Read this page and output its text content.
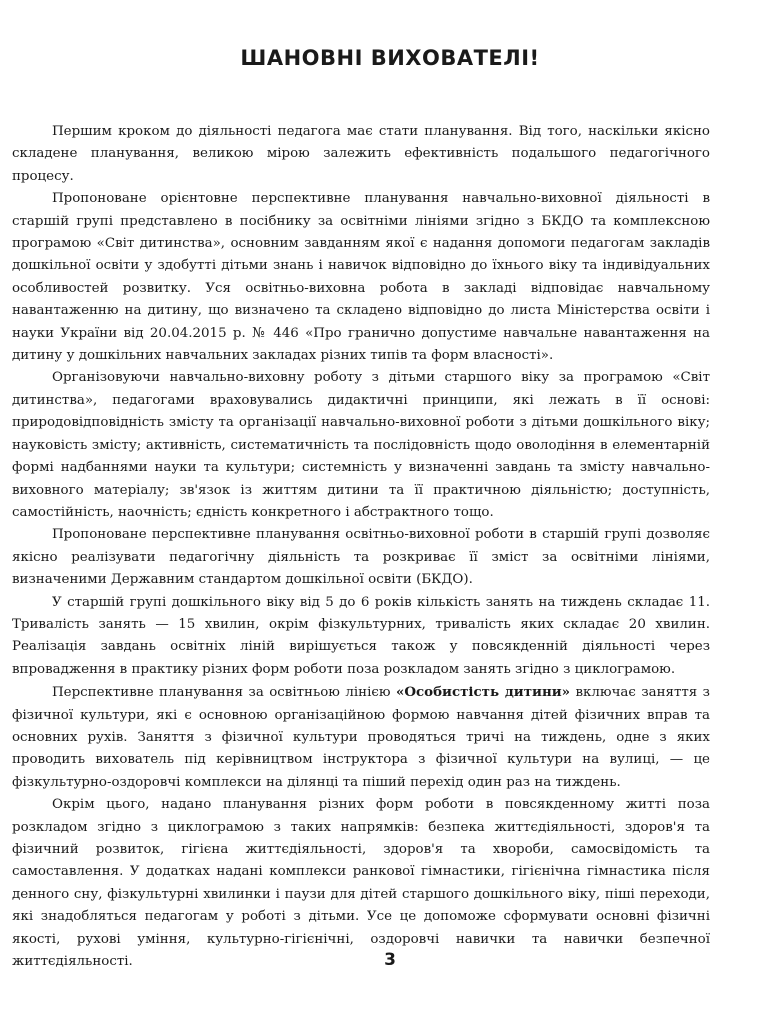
ШАНОВНІ ВИХОВАТЕЛІ!

Першим кроком до діяльності педагога має стати планування. Від того, наскільки якісно складене планування, великою мірою залежить ефективність подальшого педагогічного процесу.

Пропоноване орієнтовне перспективне планування навчально-виховної діяльності в старшій групі представлено в посібнику за освітніми лініями згідно з БКДО та комплексною програмою «Світ дитинства», основним завданням якої є надання допомоги педагогам закладів дошкільної освіти у здобутті дітьми знань і навичок відповідно до їхнього віку та індивідуальних особливостей розвитку. Уся освітньо-виховна робота в закладі відповідає навчальному навантаженню на дитину, що визначено та складено відповідно до листа Міністерства освіти і науки України від 20.04.2015 р. № 446 «Про гранично допустиме навчальне навантаження на дитину у дошкільних навчальних закладах різних типів та форм власності».

Організовуючи навчально-виховну роботу з дітьми старшого віку за програмою «Світ дитинства», педагогами враховувались дидактичні принципи, які лежать в її основі: природовідповідність змісту та організації навчально-виховної роботи з дітьми дошкільного віку; науковість змісту; активність, систематичність та послідовність щодо оволодіння в елементарній формі надбаннями науки та культури; системність у визначенні завдань та змісту навчально-виховного матеріалу; зв'язок із життям дитини та її практичною діяльністю; доступність, самостійність, наочність; єдність конкретного і абстрактного тощо.

Пропоноване перспективне планування освітньо-виховної роботи в старшій групі дозволяє якісно реалізувати педагогічну діяльність та розкриває її зміст за освітніми лініями, визначеними Державним стандартом дошкільної освіти (БКДО).

У старшій групі дошкільного віку від 5 до 6 років кількість занять на тиждень складає 11. Тривалість занять — 15 хвилин, окрім фізкультурних, тривалість яких складає 20 хвилин. Реалізація завдань освітніх ліній вирішується також у повсякденній діяльності через впровадження в практику різних форм роботи поза розкладом занять згідно з циклограмою.

Перспективне планування за освітньою лінією «Особистість дитини» включає заняття з фізичної культури, які є основною організаційною формою навчання дітей фізичних вправ та основних рухів. Заняття з фізичної культури проводяться тричі на тиждень, одне з яких проводить вихователь під керівництвом інструктора з фізичної культури на вулиці, — це фізкультурно-оздоровчі комплекси на ділянці та піший перехід один раз на тиждень.

Окрім цього, надано планування різних форм роботи в повсякденному житті поза розкладом згідно з циклограмою з таких напрямків: безпека життєдіяльності, здоров'я та фізичний розвиток, гігієна життєдіяльності, здоров'я та хвороби, самосвідомість та самоставлення. У додатках надані комплекси ранкової гімнастики, гігієнічна гімнастика після денного сну, фізкультурні хвилинки і паузи для дітей старшого дошкільного віку, піші переходи, які знадобляться педагогам у роботі з дітьми. Усе це допоможе сформувати основні фізичні якості, рухові уміння, культурно-гігієнічні, оздоровчі навички та навички безпечної життєдіяльності.	3
